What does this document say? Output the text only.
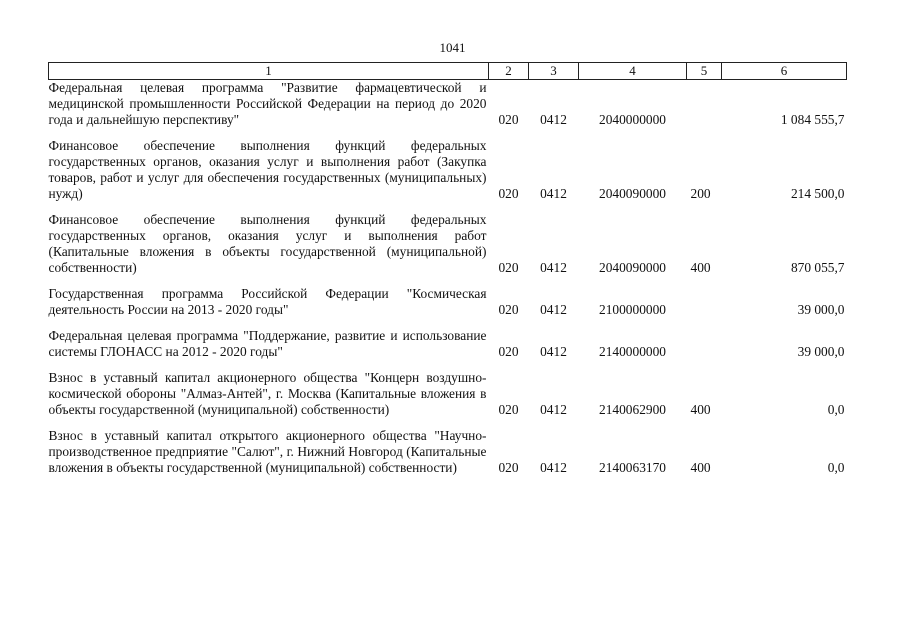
1041
1	2	3	4	5	6
Федеральная целевая программа "Развитие фармацевтической и медицинской промышленности Российской Федерации на период до 2020 года и дальнейшую перспективу"	020	0412	2040000000		1 084 555,7

Финансовое обеспечение выполнения функций федеральных государственных органов, оказания услуг и выполнения работ (Закупка товаров, работ и услуг для обеспечения государственных (муниципальных) нужд)	020	0412	2040090000	200	214 500,0

Финансовое обеспечение выполнения функций федеральных государственных органов, оказания услуг и выполнения работ (Капитальные вложения в объекты государственной (муниципальной) собственности)	020	0412	2040090000	400	870 055,7

Государственная программа Российской Федерации "Космическая деятельность России на 2013 - 2020 годы"	020	0412	2100000000		39 000,0

Федеральная целевая программа "Поддержание, развитие и использование системы ГЛОНАСС на 2012 - 2020 годы"	020	0412	2140000000		39 000,0

Взнос в уставный капитал акционерного общества "Концерн воздушно-космической обороны "Алмаз-Антей", г. Москва (Капитальные вложения в объекты государственной (муниципальной) собственности)	020	0412	2140062900	400	0,0

Взнос в уставный капитал открытого акционерного общества "Научно-производственное предприятие "Салют", г. Нижний Новгород (Капитальные вложения в объекты государственной (муниципальной) собственности)	020	0412	2140063170	400	0,0
